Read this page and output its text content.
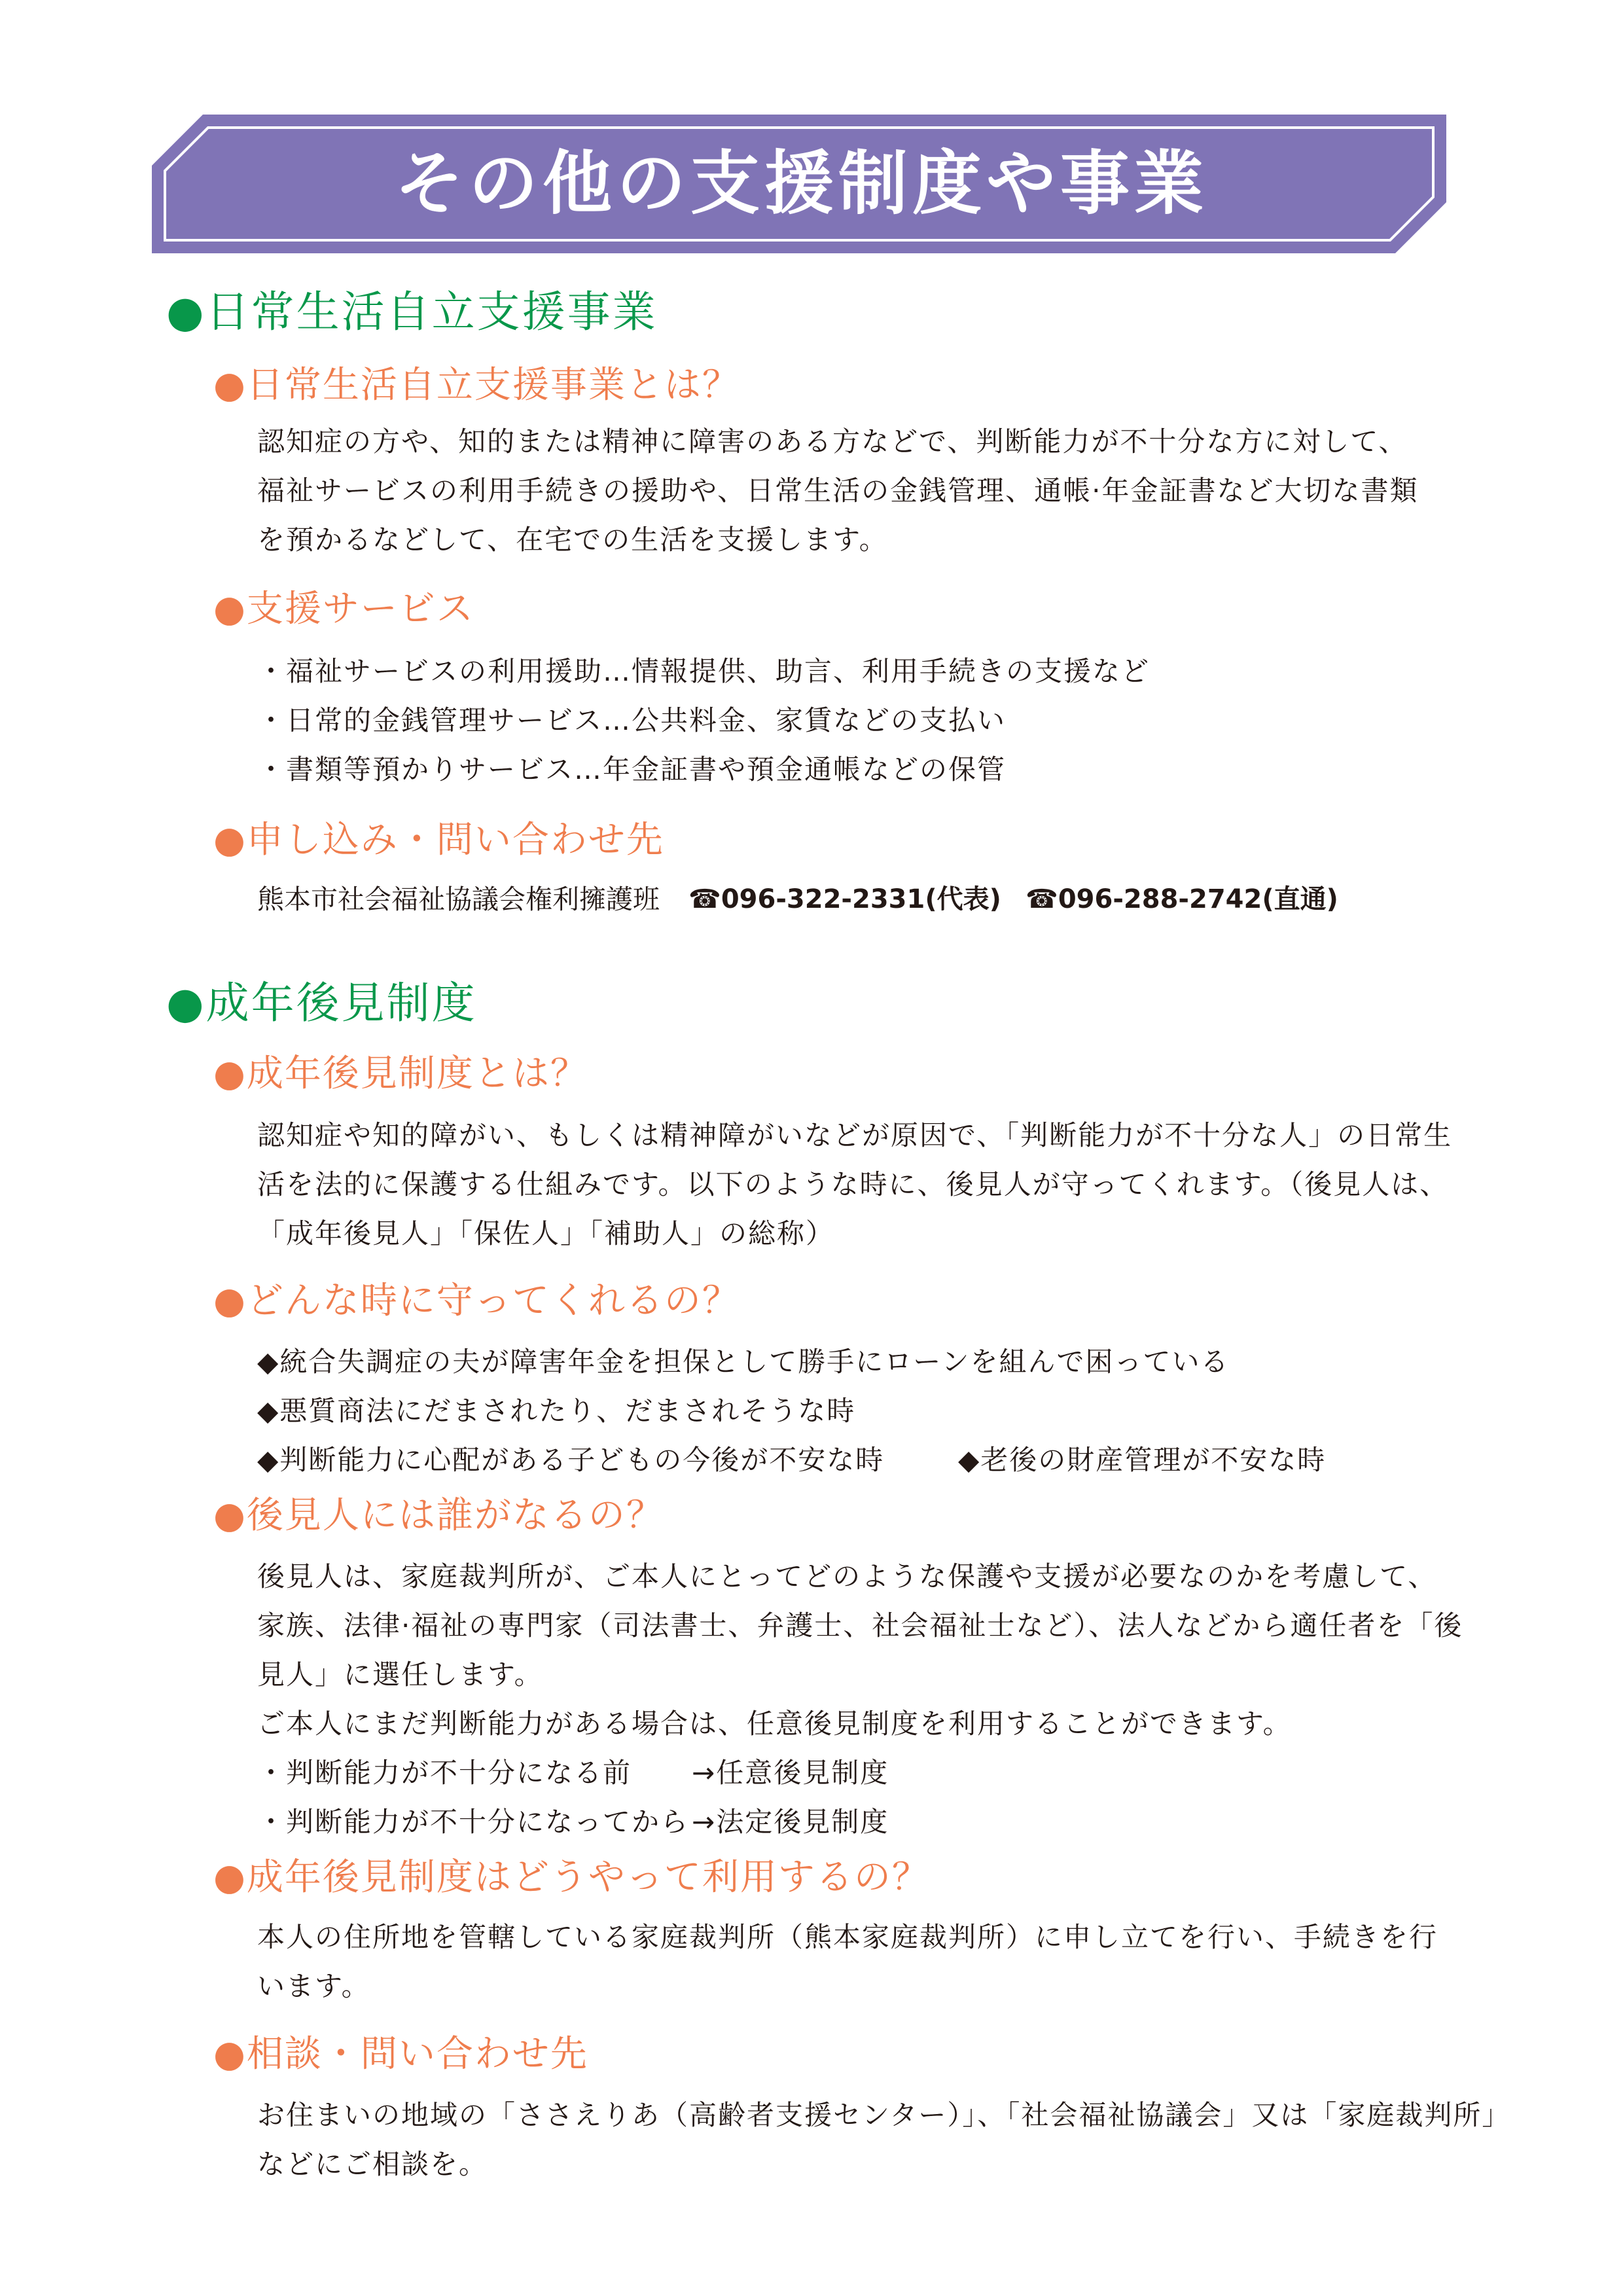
その他の支援制度や事業
●日常生活自立支援事業
●日常生活自立支援事業とは？
認知症の方や、知的または精神に障害のある方などで、判断能力が不十分な方に対して、
福祉サービスの利用手続きの援助や、日常生活の金銭管理、通帳·年金証書など大切な書類
を預かるなどして、在宅での生活を支援します。
●支援サービス
・福祉サービスの利用援助…情報提供、助言、利用手続きの支援など
・日常的金銭管理サービス…公共料金、家賃などの支払い
・書類等預かりサービス…年金証書や預金通帳などの保管
●申し込み・問い合わせ先
熊本市社会福祉協議会権利擁護班 ☎096-322-2331(代表) ☎096-288-2742(直通)
●成年後見制度
●成年後見制度とは？
認知症や知的障がい、もしくは精神障がいなどが原因で、「判断能力が不十分な人」の日常生
活を法的に保護する仕組みです。以下のような時に、後見人が守ってくれます。（後見人は、
「成年後見人」「保佐人」「補助人」の総称）
●どんな時に守ってくれるの？
◆統合失調症の夫が障害年金を担保として勝手にローンを組んで困っている
◆悪質商法にだまされたり、だまされそうな時
◆判断能力に心配がある子どもの今後が不安な時	◆老後の財産管理が不安な時
●後見人には誰がなるの？
後見人は、家庭裁判所が、ご本人にとってどのような保護や支援が必要なのかを考慮して、
家族、法律·福祉の専門家（司法書士、弁護士、社会福祉士など）、法人などから適任者を「後
見人」に選任します。
ご本人にまだ判断能力がある場合は、任意後見制度を利用することができます。
・判断能力が不十分になる前 →任意後見制度
・判断能力が不十分になってから→法定後見制度
●成年後見制度はどうやって利用するの？
本人の住所地を管轄している家庭裁判所（熊本家庭裁判所）に申し立てを行い、手続きを行
います。
●相談・問い合わせ先
お住まいの地域の「ささえりあ（高齢者支援センター）」、「社会福祉協議会」又は「家庭裁判所」
などにご相談を。
